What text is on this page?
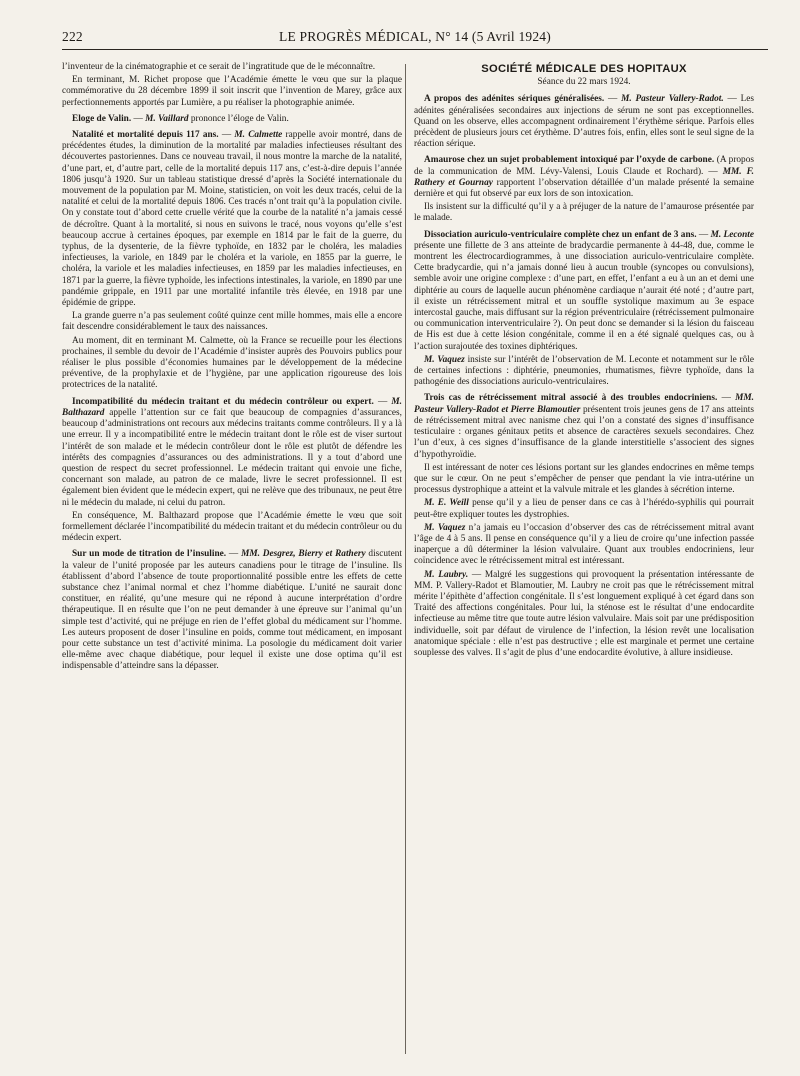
222	LE PROGRÈS MÉDICAL, N° 14 (5 Avril 1924)

l’inventeur de la cinématographie et ce serait de l’ingratitude que de le méconnaître.

En terminant, M. Richet propose que l’Académie émette le vœu que sur la plaque commémorative du 28 décembre 1899 il soit inscrit que l’invention de Marey, grâce aux perfectionnements apportés par Lumière, a pu réaliser la photographie animée.

Eloge de Valin. — M. Vaillard prononce l’éloge de Valin.

Natalité et mortalité depuis 117 ans. — M. Calmette rappelle avoir montré, dans de précédentes études, la diminution de la mortalité par maladies infectieuses résultant des découvertes pastoriennes. Dans ce nouveau travail, il nous montre la marche de la natalité, d’une part, et, d’autre part, celle de la mortalité depuis 117 ans, c’est-à-dire depuis l’année 1806 jusqu’à 1920. Sur un tableau statistique dressé d’après la Société internationale du mouvement de la population par M. Moine, statisticien, on voit les deux tracés, celui de la natalité et celui de la mortalité depuis 1806. Ces tracés n’ont trait qu’à la population civile. On y constate tout d’abord cette cruelle vérité que la courbe de la natalité n’a jamais cessé de décroître. Quant à la mortalité, si nous en suivons le tracé, nous voyons qu’elle s’est beaucoup accrue à certaines époques, par exemple en 1814 par le fait de la guerre, du typhus, de la dysenterie, de la fièvre typhoïde, en 1832 par le choléra, les maladies infectieuses, la variole, en 1849 par le choléra et la variole, en 1855 par la guerre, le choléra, la variole et les maladies infectieuses, en 1859 par les maladies infectieuses, en 1871 par la guerre, la fièvre typhoïde, les infections intestinales, la variole, en 1890 par une pandémie grippale, en 1911 par une mortalité infantile très élevée, en 1918 par une épidémie de grippe.

La grande guerre n’a pas seulement coûté quinze cent mille hommes, mais elle a encore fait descendre considérablement le taux des naissances.

Au moment, dit en terminant M. Calmette, où la France se recueille pour les élections prochaines, il semble du devoir de l’Académie d’insister auprès des Pouvoirs publics pour réaliser le plus possible d’économies humaines par le développement de la médecine préventive, de la prophylaxie et de l’hygiène, par une application rigoureuse des lois protectrices de la natalité.

Incompatibilité du médecin traitant et du médecin contrôleur ou expert. — M. Balthazard appelle l’attention sur ce fait que beaucoup de compagnies d’assurances, beaucoup d’administrations ont recours aux médecins traitants comme contrôleurs. Il y a là une erreur. Il y a incompatibilité entre le médecin traitant dont le rôle est de viser surtout l’intérêt de son malade et le médecin contrôleur dont le rôle est plutôt de défendre les intérêts des compagnies d’assurances ou des administrations. Il y a tout d’abord une question de respect du secret professionnel. Le médecin traitant qui envoie une fiche, concernant son malade, au patron de ce malade, livre le secret professionnel. Il est également bien évident que le médecin expert, qui ne relève que des tribunaux, ne peut être ni le médecin du malade, ni celui du patron.

En conséquence, M. Balthazard propose que l’Académie émette le vœu que soit formellement déclarée l’incompatibilité du médecin traitant et du médecin contrôleur ou du médecin expert.

Sur un mode de titration de l’insuline. — MM. Desgrez, Bierry et Rathery discutent la valeur de l’unité proposée par les auteurs canadiens pour le titrage de l’insuline. Ils établissent d’abord l’absence de toute proportionnalité possible entre les effets de cette substance chez l’animal normal et chez l’homme diabétique. L’unité ne saurait donc constituer, en réalité, qu’une mesure qui ne répond à aucune interprétation d’ordre thérapeutique. Il en résulte que l’on ne peut demander à une épreuve sur l’animal qu’un simple test d’activité, qui ne préjuge en rien de l’effet global du médicament sur l’homme. Les auteurs proposent de doser l’insuline en poids, comme tout médicament, en imposant pour cette substance un test d’activité minima. La posologie du médicament doit varier elle-même avec chaque diabétique, pour lequel il existe une dose optima qu’il est indispensable d’atteindre sans la dépasser.

SOCIÉTÉ MÉDICALE DES HOPITAUX
Séance du 22 mars 1924.

A propos des adénites sériques généralisées. — M. Pasteur Vallery-Radot. — Les adénites généralisées secondaires aux injections de sérum ne sont pas exceptionnelles. Quand on les observe, elles accompagnent ordinairement l’érythème sérique. Parfois elles précèdent de plusieurs jours cet érythème. D’autres fois, enfin, elles sont le seul signe de la réaction sérique.

Amaurose chez un sujet probablement intoxiqué par l’oxyde de carbone. (A propos de la communication de MM. Lévy-Valensi, Louis Claude et Rochard). — MM. F. Rathery et Gournay rapportent l’observation détaillée d’un malade présenté la semaine dernière et qui fut observé par eux lors de son intoxication.

Ils insistent sur la difficulté qu’il y a à préjuger de la nature de l’amaurose présentée par le malade.

Dissociation auriculo-ventriculaire complète chez un enfant de 3 ans. — M. Leconte présente une fillette de 3 ans atteinte de bradycardie permanente à 44-48, due, comme le montrent les électrocardiogrammes, à une dissociation auriculo-ventriculaire complète. Cette bradycardie, qui n’a jamais donné lieu à aucun trouble (syncopes ou convulsions), semble avoir une origine complexe : d’une part, en effet, l’enfant a eu à un an et demi une diphtérie au cours de laquelle aucun phénomène cardiaque n’aurait été noté ; d’autre part, il existe un rétrécissement mitral et un souffle systolique maximum au 3e espace intercostal gauche, mais diffusant sur la région préventriculaire (rétrécissement pulmonaire ou communication interventriculaire ?). On peut donc se demander si la lésion du faisceau de His est due à cette lésion congénitale, comme il en a été signalé quelques cas, ou à l’action surajoutée des toxines diphtériques.

M. Vaquez insiste sur l’intérêt de l’observation de M. Leconte et notamment sur le rôle de certaines infections : diphtérie, pneumonies, rhumatismes, fièvre typhoïde, dans la pathogénie des dissociations auriculo-ventriculaires.

Trois cas de rétrécissement mitral associé à des troubles endocriniens. — MM. Pasteur Vallery-Radot et Pierre Blamoutier présentent trois jeunes gens de 17 ans atteints de rétrécissement mitral avec nanisme chez qui l’on a constaté des signes d’insuffisance testiculaire : organes génitaux petits et absence de caractères sexuels secondaires. Chez l’un d’eux, à ces signes d’insuffisance de la glande interstitielle s’associent des signes d’hypothyroïdie.

Il est intéressant de noter ces lésions portant sur les glandes endocrines en même temps que sur le cœur. On ne peut s’empêcher de penser que pendant la vie intra-utérine un processus dystrophique a atteint et la valvule mitrale et les glandes à sécrétion interne.

M. E. Weill pense qu’il y a lieu de penser dans ce cas à l’hérédo-syphilis qui pourrait peut-être expliquer toutes les dystrophies.

M. Vaquez n’a jamais eu l’occasion d’observer des cas de rétrécissement mitral avant l’âge de 4 à 5 ans. Il pense en conséquence qu’il y a lieu de croire qu’une infection passée inaperçue a dû déterminer la lésion valvulaire. Quant aux troubles endocriniens, leur coïncidence avec le rétrécissement mitral est intéressant.

M. Laubry. — Malgré les suggestions qui provoquent la présentation intéressante de MM. P. Vallery-Radot et Blamoutier, M. Laubry ne croit pas que le rétrécissement mitral mérite l’épithète d’affection congénitale. Il s’est longuement expliqué à cet égard dans son Traité des affections congénitales. Pour lui, la sténose est le résultat d’une endocardite infectieuse au même titre que toute autre lésion valvulaire. Mais soit par une prédisposition individuelle, soit par défaut de virulence de l’infection, la lésion revêt une localisation anatomique spéciale : elle n’est pas destructive ; elle est marginale et permet une certaine souplesse des valves. Il s’agit de plus d’une endocardite évolutive, à allure insidieuse.
